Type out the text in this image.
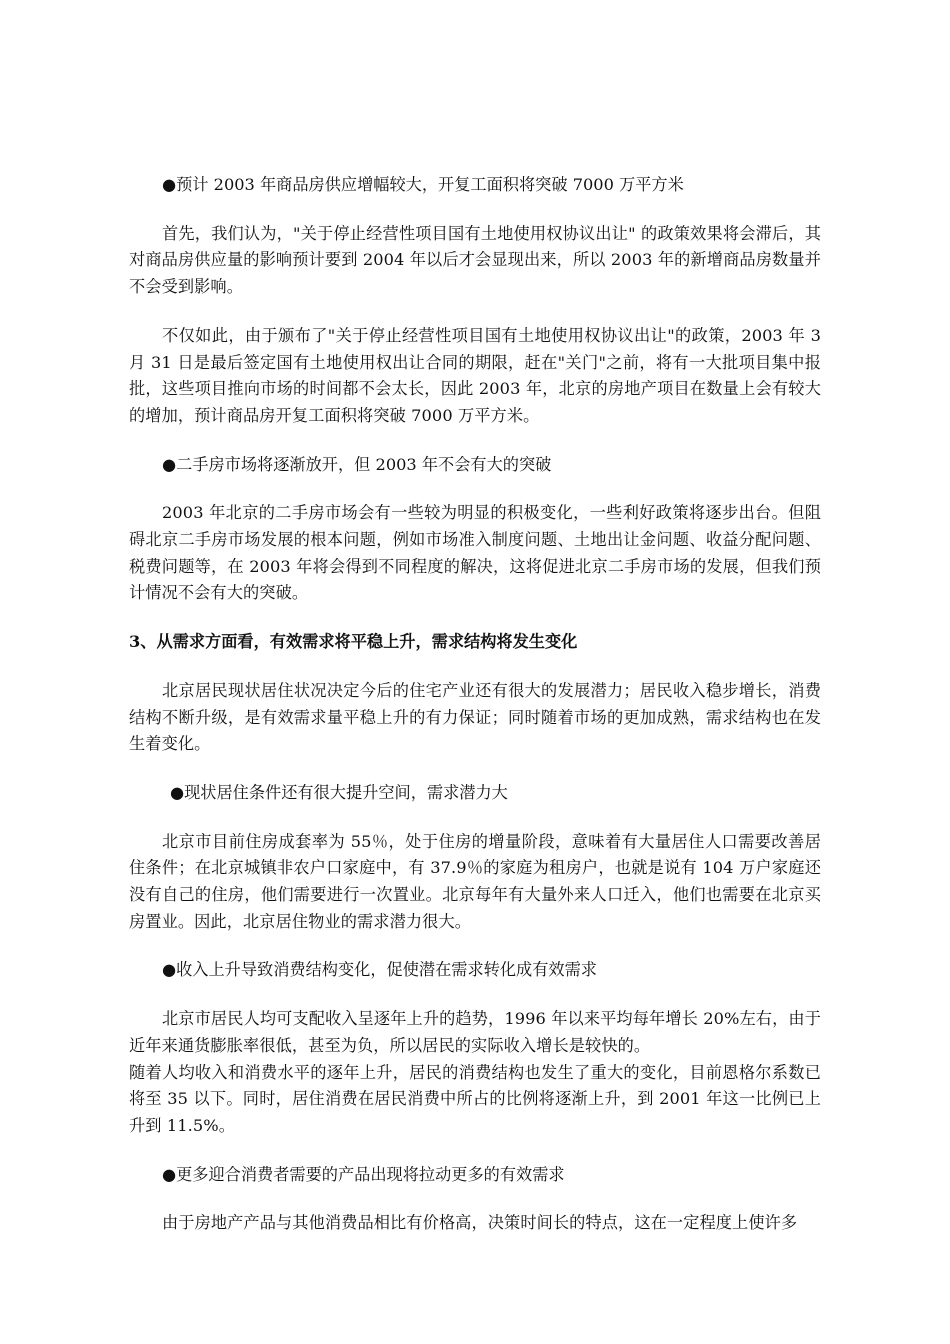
●预计 2003 年商品房供应增幅较大，开复工面积将突破 7000 万平方米

首先，我们认为，"关于停止经营性项目国有土地使用权协议出让" 的政策效果将会滞后，其对商品房供应量的影响预计要到 2004 年以后才会显现出来，所以 2003 年的新增商品房数量并不会受到影响。

不仅如此，由于颁布了"关于停止经营性项目国有土地使用权协议出让"的政策，2003 年 3 月 31 日是最后签定国有土地使用权出让合同的期限，赶在"关门"之前，将有一大批项目集中报批，这些项目推向市场的时间都不会太长，因此 2003 年，北京的房地产项目在数量上会有较大的增加，预计商品房开复工面积将突破 7000 万平方米。

●二手房市场将逐渐放开，但 2003 年不会有大的突破

2003 年北京的二手房市场会有一些较为明显的积极变化，一些利好政策将逐步出台。但阻碍北京二手房市场发展的根本问题，例如市场准入制度问题、土地出让金问题、收益分配问题、税费问题等，在 2003 年将会得到不同程度的解决，这将促进北京二手房市场的发展，但我们预计情况不会有大的突破。

3、从需求方面看，有效需求将平稳上升，需求结构将发生变化

北京居民现状居住状况决定今后的住宅产业还有很大的发展潜力；居民收入稳步增长，消费结构不断升级，是有效需求量平稳上升的有力保证；同时随着市场的更加成熟，需求结构也在发生着变化。

●现状居住条件还有很大提升空间，需求潜力大

北京市目前住房成套率为 55％，处于住房的增量阶段，意味着有大量居住人口需要改善居住条件；在北京城镇非农户口家庭中，有 37.9％的家庭为租房户，也就是说有 104 万户家庭还没有自己的住房，他们需要进行一次置业。北京每年有大量外来人口迁入，他们也需要在北京买房置业。因此，北京居住物业的需求潜力很大。

●收入上升导致消费结构变化，促使潜在需求转化成有效需求

北京市居民人均可支配收入呈逐年上升的趋势，1996 年以来平均每年增长 20%左右，由于近年来通货膨胀率很低，甚至为负，所以居民的实际收入增长是较快的。

随着人均收入和消费水平的逐年上升，居民的消费结构也发生了重大的变化，目前恩格尔系数已将至 35 以下。同时，居住消费在居民消费中所占的比例将逐渐上升，到 2001 年这一比例已上升到 11.5%。

●更多迎合消费者需要的产品出现将拉动更多的有效需求

由于房地产产品与其他消费品相比有价格高，决策时间长的特点，这在一定程度上使许多
